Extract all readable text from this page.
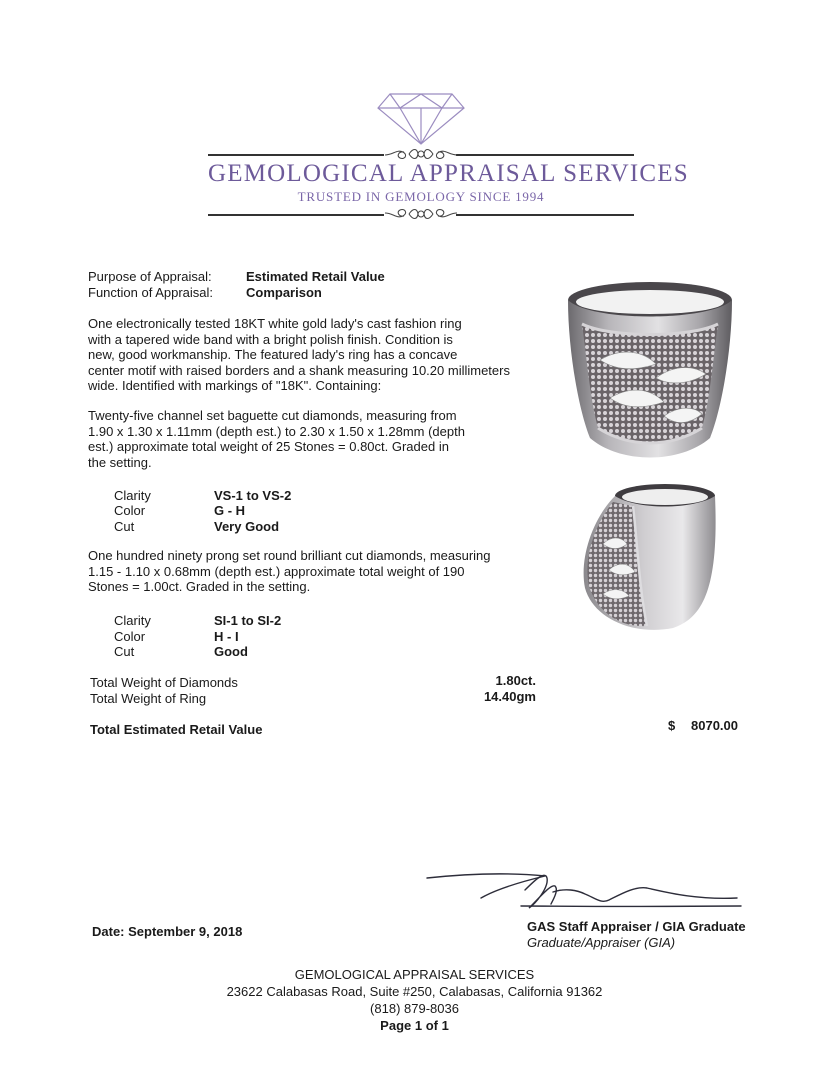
GEMOLOGICAL APPRAISAL SERVICES
TRUSTED IN GEMOLOGY SINCE 1994
Purpose of Appraisal:	Estimated Retail Value
Function of Appraisal:	Comparison
One electronically tested 18KT white gold lady's cast fashion ring
with a tapered wide band with a bright polish finish. Condition is
new, good workmanship. The featured lady's ring has a concave
center motif with raised borders and a shank measuring 10.20 millimeters
wide. Identified with markings of "18K". Containing:
Twenty-five channel set baguette cut diamonds, measuring from
1.90 x 1.30 x 1.11mm (depth est.) to 2.30 x 1.50 x 1.28mm (depth
est.) approximate total weight of 25 Stones = 0.80ct. Graded in
the setting.
Clarity	VS-1 to VS-2
Color	G - H
Cut	Very Good
One hundred ninety prong set round brilliant cut diamonds, measuring
1.15 - 1.10 x 0.68mm (depth est.) approximate total weight of 190
Stones = 1.00ct. Graded in the setting.
Clarity	SI-1 to SI-2
Color	H - I
Cut	Good
Total Weight of Diamonds	1.80ct.
Total Weight of Ring	14.40gm
Total Estimated Retail Value	$ 8070.00
Date: September 9, 2018	GAS Staff Appraiser / GIA Graduate
Graduate/Appraiser (GIA)
GEMOLOGICAL APPRAISAL SERVICES
23622 Calabasas Road, Suite #250, Calabasas, California 91362
(818) 879-8036
Page 1 of 1
